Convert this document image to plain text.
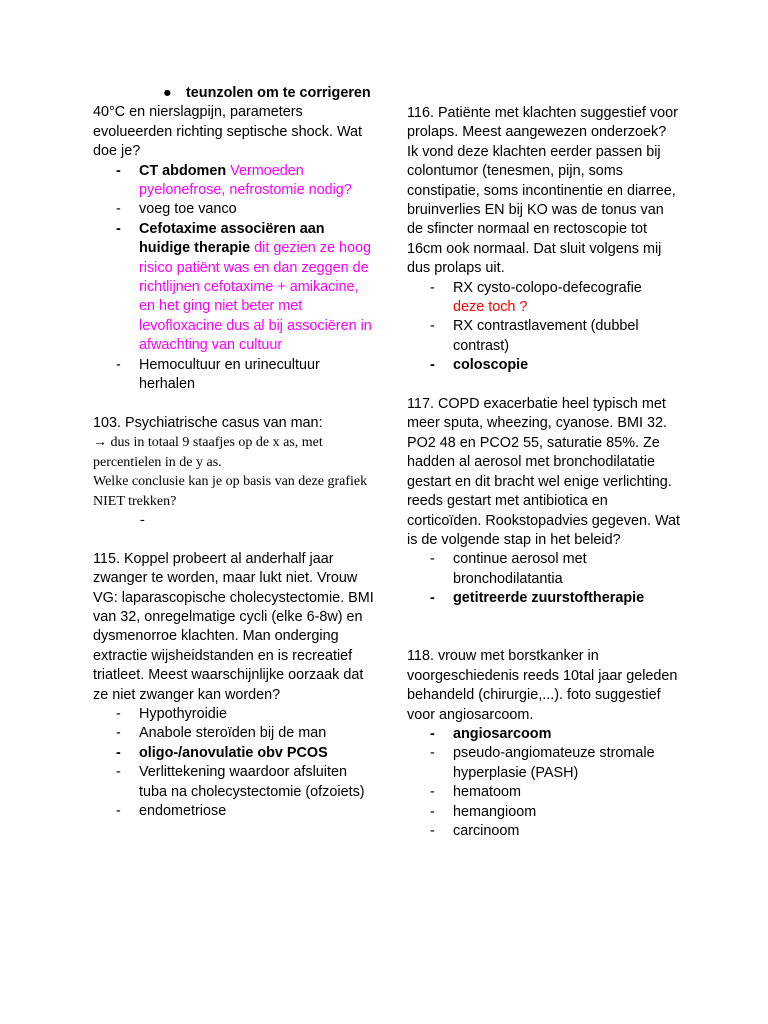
● teunzolen om te corrigeren

40°C en nierslagpijn, parameters evolueerden richting septische shock. Wat doe je?

- CT abdomen Vermoeden pyelonefrose, nefrostomie nodig?

- voeg toe vanco

- Cefotaxime associëren aan huidige therapie dit gezien ze hoog risico patiënt was en dan zeggen de richtlijnen cefotaxime + amikacine, en het ging niet beter met levofloxacine dus al bij associëren in afwachting van cultuur

- Hemocultuur en urinecultuur herhalen

103. Psychiatrische casus van man:

→ dus in totaal 9 staafjes op de x as, met percentielen in de y as.

Welke conclusie kan je op basis van deze grafiek NIET trekken?

-

115. Koppel probeert al anderhalf jaar zwanger te worden, maar lukt niet. Vrouw VG: laparascopische cholecystectomie. BMI van 32, onregelmatige cycli (elke 6-8w) en dysmenorroe klachten. Man onderging extractie wijsheidstanden en is recreatief triatleet. Meest waarschijnlijke oorzaak dat ze niet zwanger kan worden?

- Hypothyroidie

- Anabole steroïden bij de man

- oligo-/anovulatie obv PCOS

- Verlittekening waardoor afsluiten tuba na cholecystectomie (ofzoiets)

- endometriose

116. Patiënte met klachten suggestief voor prolaps. Meest aangewezen onderzoek?

Ik vond deze klachten eerder passen bij colontumor (tenesmen, pijn, soms constipatie, soms incontinentie en diarree, bruinverlies EN bij KO was de tonus van de sfincter normaal en rectoscopie tot 16cm ook normaal. Dat sluit volgens mij dus prolaps uit.

- RX cysto-colopo-defecografie
deze toch ?

- RX contrastlavement (dubbel contrast)

- coloscopie

117. COPD exacerbatie heel typisch met meer sputa, wheezing, cyanose. BMI 32. PO2 48 en PCO2 55, saturatie 85%. Ze hadden al aerosol met bronchodilatatie gestart en dit bracht wel enige verlichting. reeds gestart met antibiotica en corticoïden. Rookstopadvies gegeven. Wat is de volgende stap in het beleid?

- continue aerosol met bronchodilatantia

- getitreerde zuurstoftherapie

118. vrouw met borstkanker in voorgeschiedenis reeds 10tal jaar geleden behandeld (chirurgie,...). foto suggestief voor angiosarcoom.

- angiosarcoom

- pseudo-angiomateuze stromale hyperplasie (PASH)

- hematoom

- hemangioom

- carcinoom
